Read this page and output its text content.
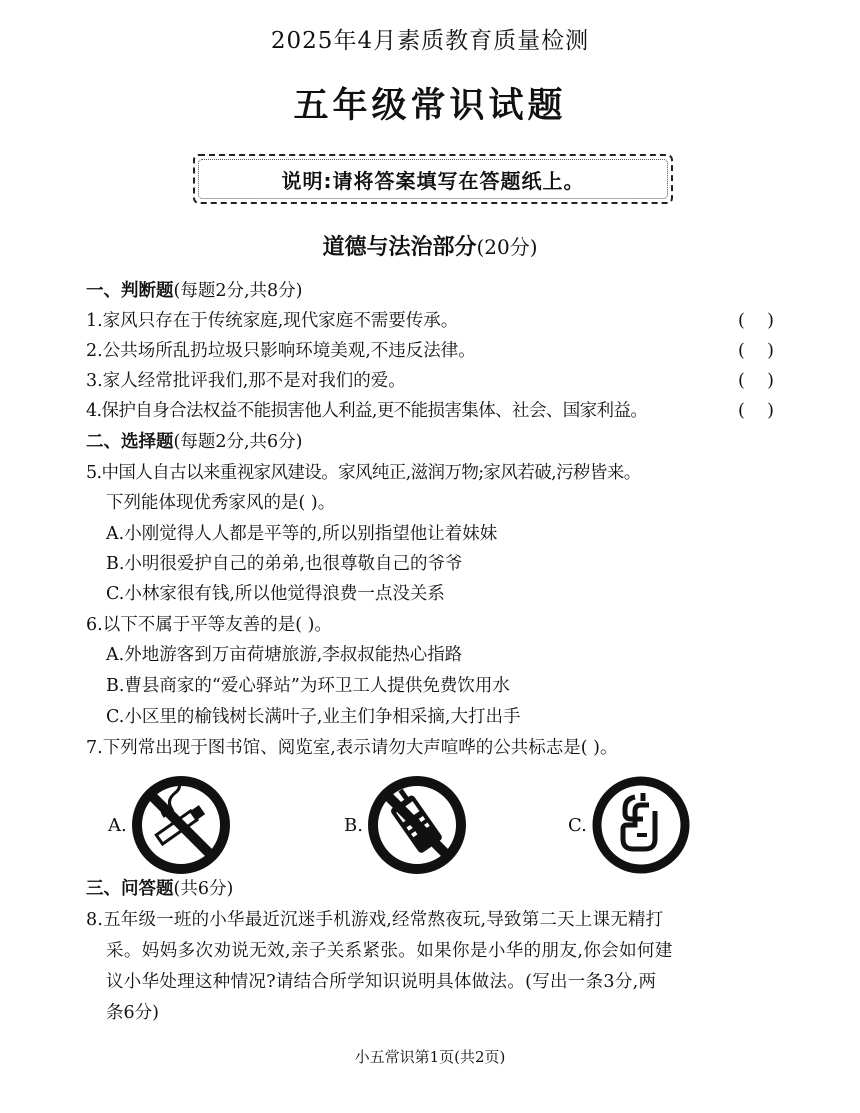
2025年4月素质教育质量检测
五年级常识试题
说明:请将答案填写在答题纸上。
道德与法治部分(20分)
一、判断题(每题2分,共8分)
1.家风只存在于传统家庭,现代家庭不需要传承。	(    )
2.公共场所乱扔垃圾只影响环境美观,不违反法律。	(    )
3.家人经常批评我们,那不是对我们的爱。	(    )
4.保护自身合法权益不能损害他人利益,更不能损害集体、社会、国家利益。	(    )
二、选择题(每题2分,共6分)
5.中国人自古以来重视家风建设。家风纯正,滋润万物;家风若破,污秽皆来。
下列能体现优秀家风的是( )。
A.小刚觉得人人都是平等的,所以别指望他让着妹妹
B.小明很爱护自己的弟弟,也很尊敬自己的爷爷
C.小林家很有钱,所以他觉得浪费一点没关系
6.以下不属于平等友善的是( )。
A.外地游客到万亩荷塘旅游,李叔叔能热心指路
B.曹县商家的“爱心驿站”为环卫工人提供免费饮用水
C.小区里的榆钱树长满叶子,业主们争相采摘,大打出手
7.下列常出现于图书馆、阅览室,表示请勿大声喧哗的公共标志是( )。
A.	B.	C.
三、问答题(共6分)
8.五年级一班的小华最近沉迷手机游戏,经常熬夜玩,导致第二天上课无精打
采。妈妈多次劝说无效,亲子关系紧张。如果你是小华的朋友,你会如何建
议小华处理这种情况?请结合所学知识说明具体做法。(写出一条3分,两
条6分)
小五常识第1页(共2页)
